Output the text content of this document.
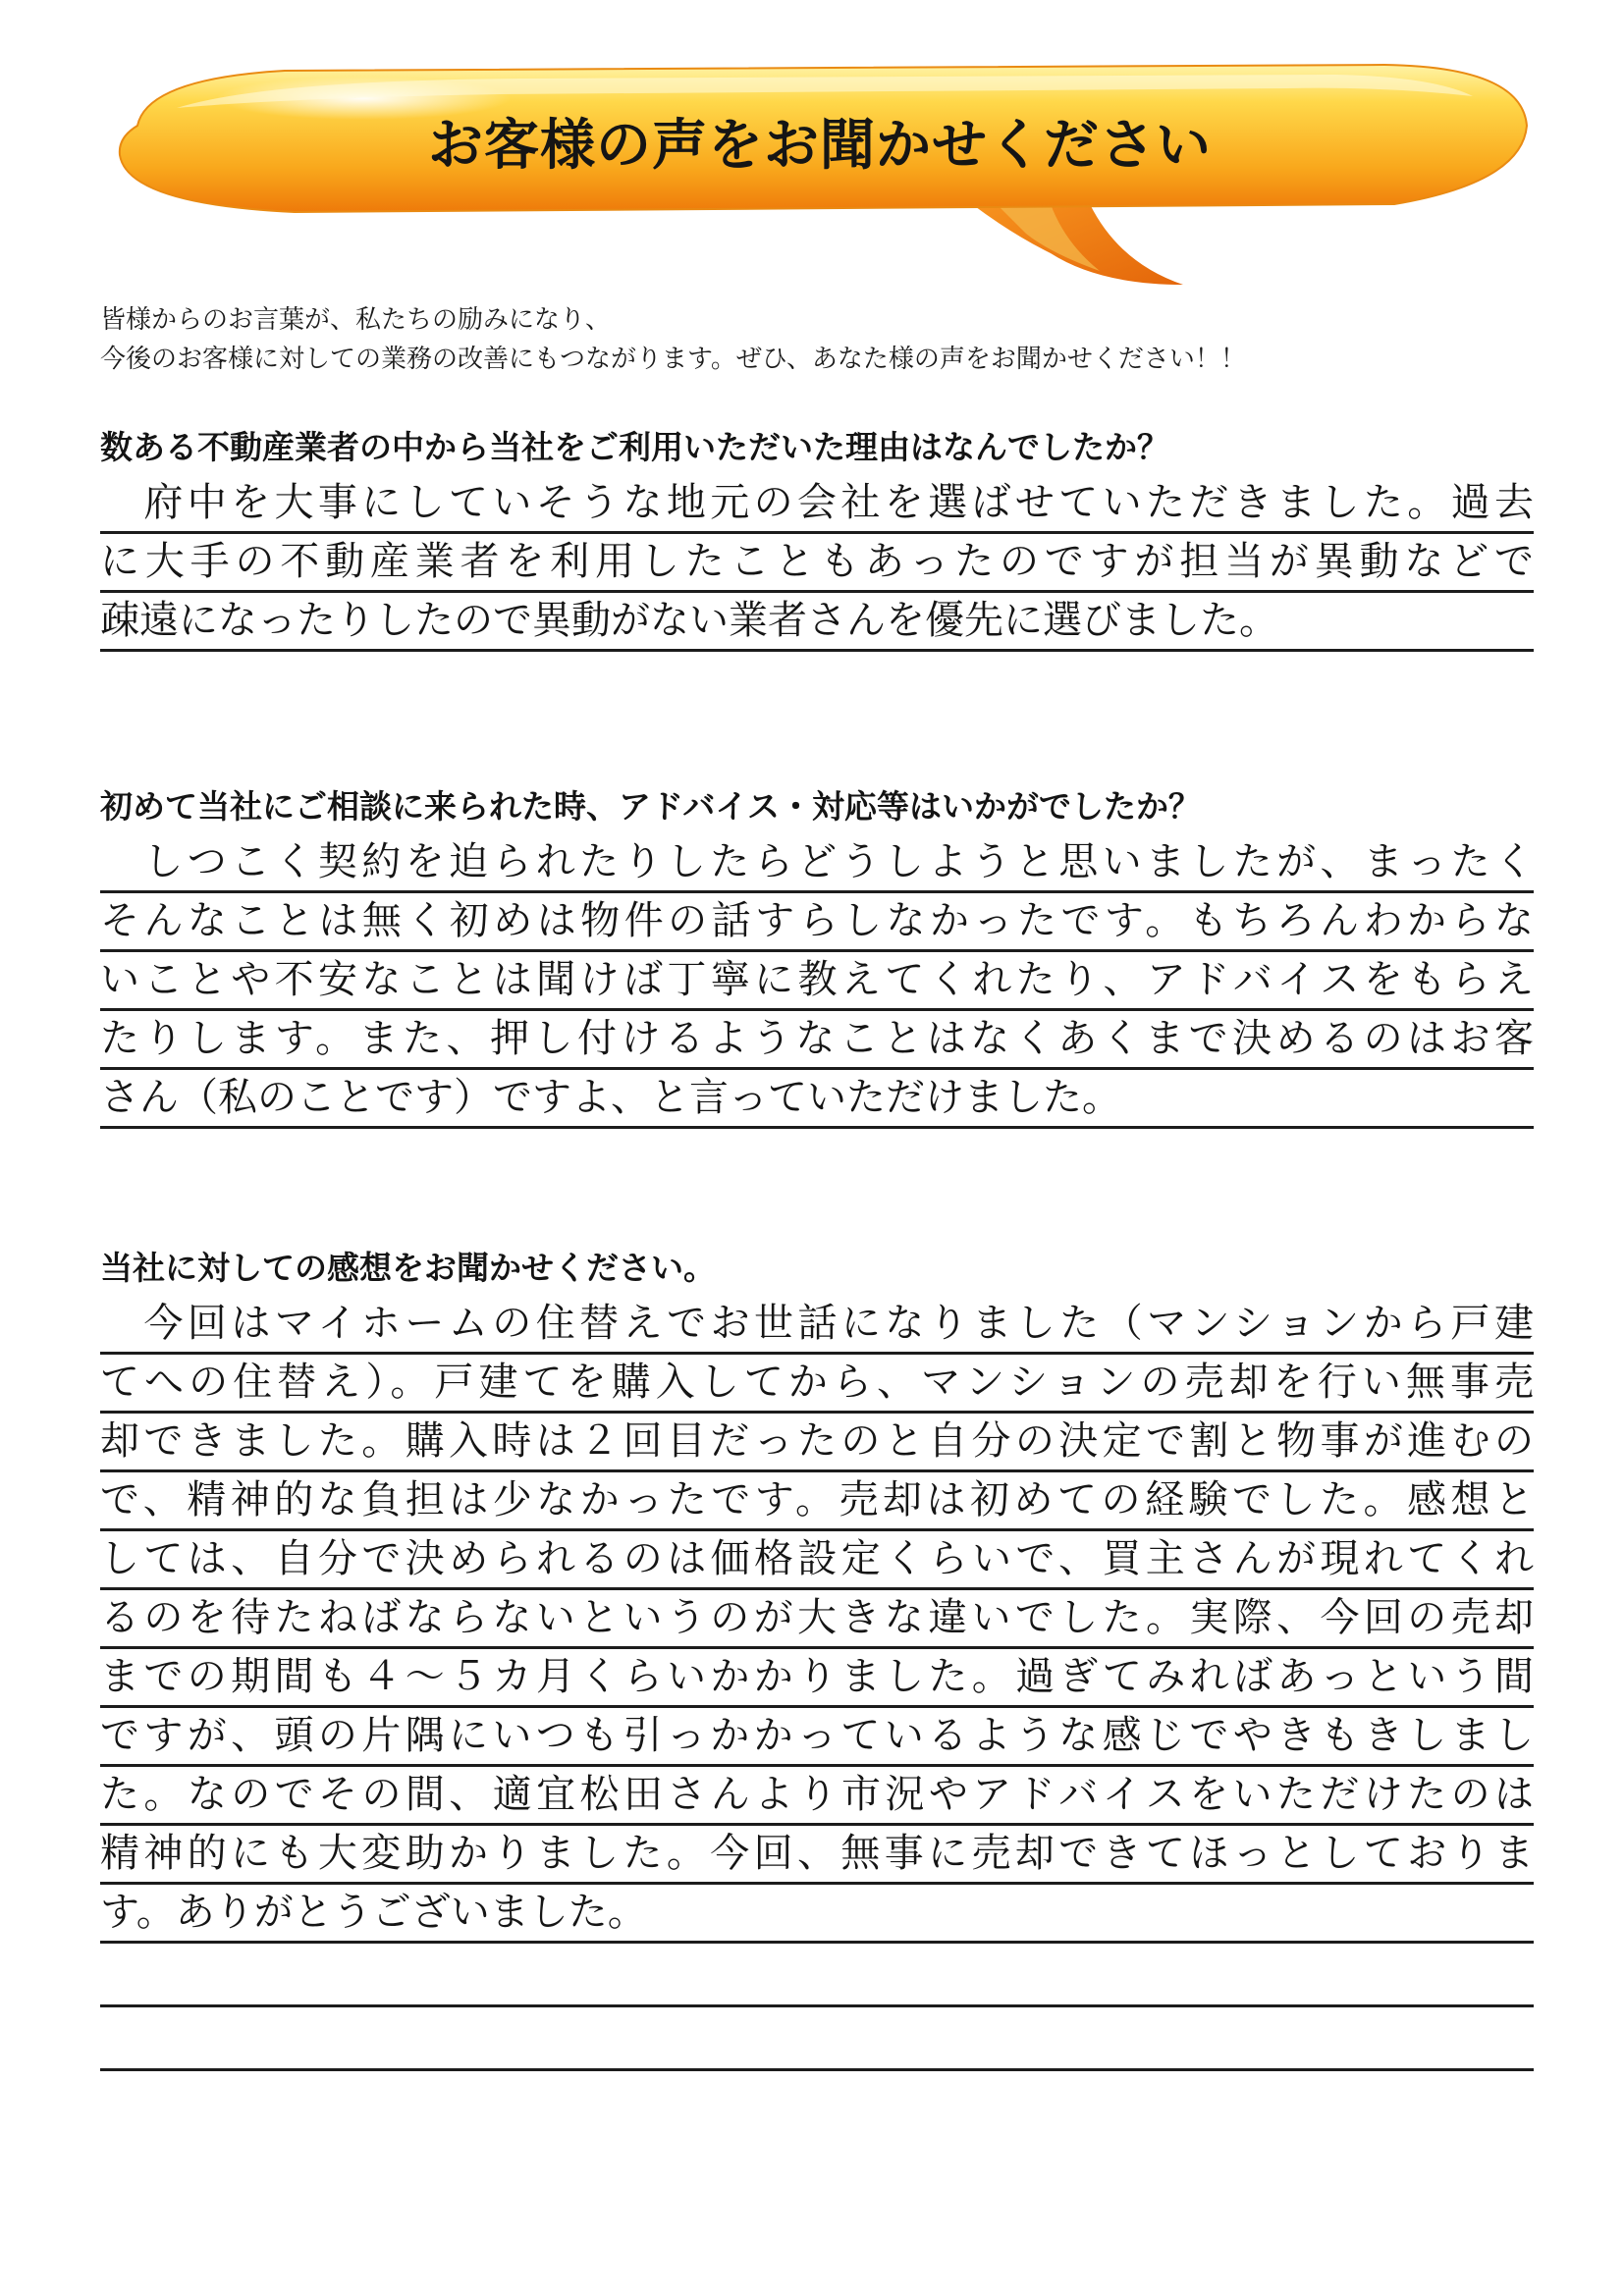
お客様の声をお聞かせください

皆様からのお言葉が、私たちの励みになり、

今後のお客様に対しての業務の改善にもつながります。ぜひ、あなた様の声をお聞かせください！！

数ある不動産業者の中から当社をご利用いただいた理由はなんでしたか？

　府中を大事にしていそうな地元の会社を選ばせていただきました。過去
に大手の不動産業者を利用したこともあったのですが担当が異動などで
疎遠になったりしたので異動がない業者さんを優先に選びました。

初めて当社にご相談に来られた時、アドバイス・対応等はいかがでしたか？

　しつこく契約を迫られたりしたらどうしようと思いましたが、まったく
そんなことは無く初めは物件の話すらしなかったです。もちろんわからな
いことや不安なことは聞けば丁寧に教えてくれたり、アドバイスをもらえ
たりします。また、押し付けるようなことはなくあくまで決めるのはお客
さん（私のことです）ですよ、と言っていただけました。

当社に対しての感想をお聞かせください。

　今回はマイホームの住替えでお世話になりました（マンションから戸建
てへの住替え）。戸建てを購入してから、マンションの売却を行い無事売
却できました。購入時は２回目だったのと自分の決定で割と物事が進むの
で、精神的な負担は少なかったです。売却は初めての経験でした。感想と
しては、自分で決められるのは価格設定くらいで、買主さんが現れてくれ
るのを待たねばならないというのが大きな違いでした。実際、今回の売却
までの期間も４～５カ月くらいかかりました。過ぎてみればあっという間
ですが、頭の片隅にいつも引っかかっているような感じでやきもきしまし
た。なのでその間、適宜松田さんより市況やアドバイスをいただけたのは
精神的にも大変助かりました。今回、無事に売却できてほっとしておりま
す。ありがとうございました。
